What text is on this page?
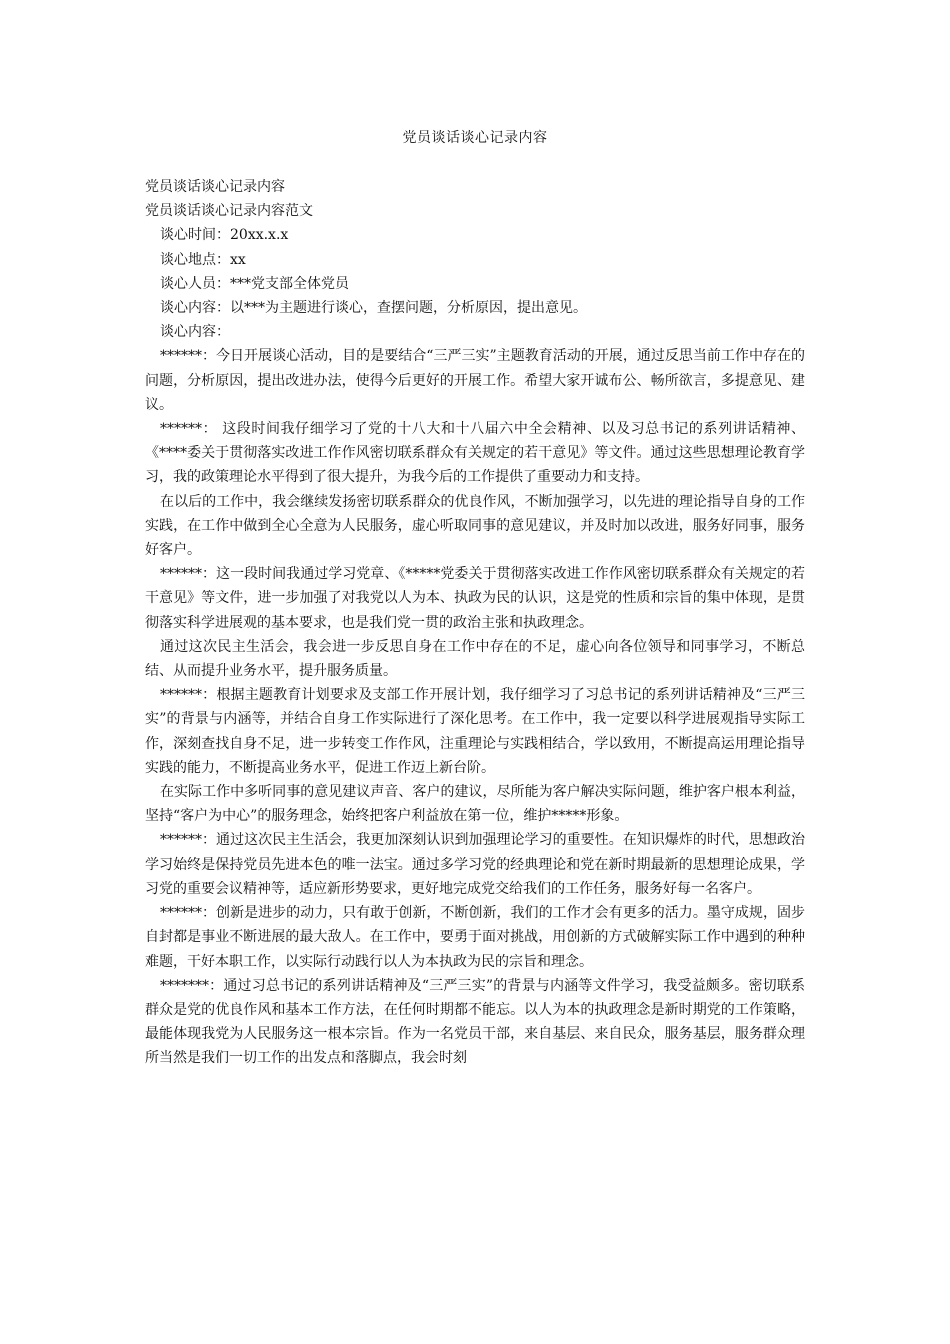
党员谈话谈心记录内容

党员谈话谈心记录内容

党员谈话谈心记录内容范文

谈心时间：20xx.x.x

谈心地点：xx

谈心人员：***党支部全体党员

谈心内容：以***为主题进行谈心，查摆问题，分析原因，提出意见。

谈心内容：

******：今日开展谈心活动，目的是要结合“三严三实”主题教育活动的开展，通过反思当前工作中存在的问题，分析原因，提出改进办法，使得今后更好的开展工作。希望大家开诚布公、畅所欲言，多提意见、建议。

******： 这段时间我仔细学习了党的十八大和十八届六中全会精神、以及习总书记的系列讲话精神、《****委关于贯彻落实改进工作作风密切联系群众有关规定的若干意见》等文件。通过这些思想理论教育学习，我的政策理论水平得到了很大提升，为我今后的工作提供了重要动力和支持。

在以后的工作中，我会继续发扬密切联系群众的优良作风，不断加强学习，以先进的理论指导自身的工作实践，在工作中做到全心全意为人民服务，虚心听取同事的意见建议，并及时加以改进，服务好同事，服务好客户。

******：这一段时间我通过学习党章、《*****党委关于贯彻落实改进工作作风密切联系群众有关规定的若干意见》等文件，进一步加强了对我党以人为本、执政为民的认识，这是党的性质和宗旨的集中体现，是贯彻落实科学进展观的基本要求，也是我们党一贯的政治主张和执政理念。

通过这次民主生活会，我会进一步反思自身在工作中存在的不足，虚心向各位领导和同事学习，不断总结、从而提升业务水平，提升服务质量。

******：根据主题教育计划要求及支部工作开展计划，我仔细学习了习总书记的系列讲话精神及“三严三实”的背景与内涵等，并结合自身工作实际进行了深化思考。在工作中，我一定要以科学进展观指导实际工作，深刻查找自身不足，进一步转变工作作风，注重理论与实践相结合，学以致用，不断提高运用理论指导实践的能力，不断提高业务水平，促进工作迈上新台阶。

在实际工作中多听同事的意见建议声音、客户的建议，尽所能为客户解决实际问题，维护客户根本利益，坚持“客户为中心”的服务理念，始终把客户利益放在第一位，维护*****形象。

******：通过这次民主生活会，我更加深刻认识到加强理论学习的重要性。在知识爆炸的时代，思想政治学习始终是保持党员先进本色的唯一法宝。通过多学习党的经典理论和党在新时期最新的思想理论成果，学习党的重要会议精神等，适应新形势要求，更好地完成党交给我们的工作任务，服务好每一名客户。

******：创新是进步的动力，只有敢于创新，不断创新，我们的工作才会有更多的活力。墨守成规，固步自封都是事业不断进展的最大敌人。在工作中，要勇于面对挑战，用创新的方式破解实际工作中遇到的种种难题，干好本职工作，以实际行动践行以人为本执政为民的宗旨和理念。

*******：通过习总书记的系列讲话精神及“三严三实”的背景与内涵等文件学习，我受益颇多。密切联系群众是党的优良作风和基本工作方法，在任何时期都不能忘。以人为本的执政理念是新时期党的工作策略，最能体现我党为人民服务这一根本宗旨。作为一名党员干部，来自基层、来自民众，服务基层，服务群众理所当然是我们一切工作的出发点和落脚点，我会时刻
